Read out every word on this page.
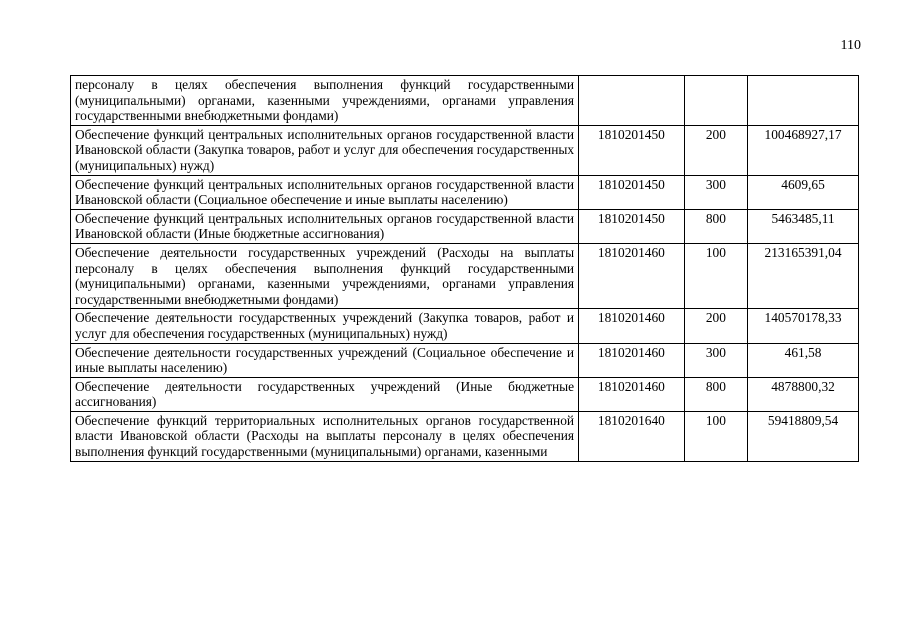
110
персоналу в целях обеспечения выполнения функций государственными (муниципальными) органами, казенными учреждениями, органами управления государственными внебюджетными фондами)			
Обеспечение функций центральных исполнительных органов государственной власти Ивановской области (Закупка товаров, работ и услуг для обеспечения государственных (муниципальных) нужд)	1810201450	200	100468927,17
Обеспечение функций центральных исполнительных органов государственной власти Ивановской области (Социальное обеспечение и иные выплаты населению)	1810201450	300	4609,65
Обеспечение функций центральных исполнительных органов государственной власти Ивановской области (Иные бюджетные ассигнования)	1810201450	800	5463485,11
Обеспечение деятельности государственных учреждений (Расходы на выплаты персоналу в целях обеспечения выполнения функций государственными (муниципальными) органами, казенными учреждениями, органами управления государственными внебюджетными фондами)	1810201460	100	213165391,04
Обеспечение деятельности государственных учреждений (Закупка товаров, работ и услуг для обеспечения государственных (муниципальных) нужд)	1810201460	200	140570178,33
Обеспечение деятельности государственных учреждений (Социальное обеспечение и иные выплаты населению)	1810201460	300	461,58
Обеспечение деятельности государственных учреждений (Иные бюджетные ассигнования)	1810201460	800	4878800,32
Обеспечение функций территориальных исполнительных органов государственной власти Ивановской области (Расходы на выплаты персоналу в целях обеспечения выполнения функций государственными (муниципальными) органами, казенными	1810201640	100	59418809,54
